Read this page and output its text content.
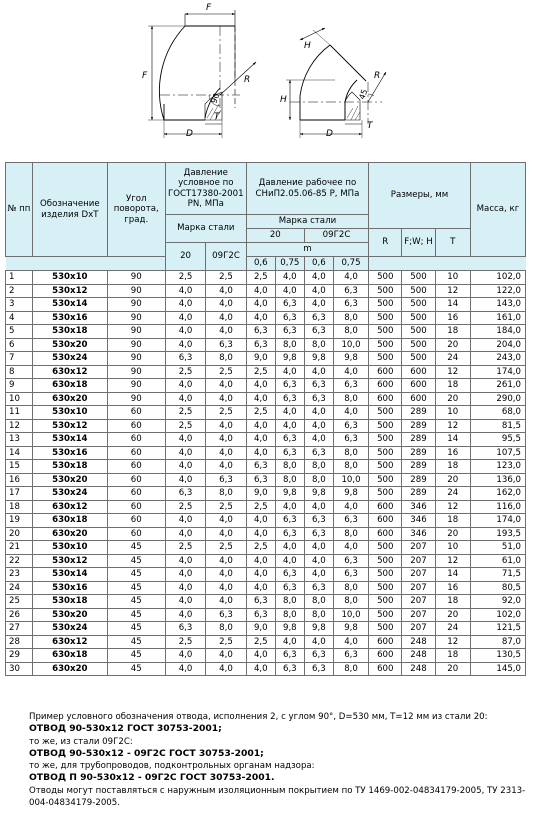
F
F	R
D
T
90
H
H
R
D
T
45
№ пп	Обозначение изделия DxT	Угол поворота, град.	Давление условное по ГОСТ17380-2001 PN, МПа		Давление рабочее по СНиП2.05.06-85 P, МПа				Размеры, мм			Масса, кг
			Марка стали		Марка стали							
					20		09Г2С		R	F;W; H	T	
			20	09Г2С	m							
					0,6	0,75	0,6	0,75				
1	530x10	90	2,5	2,5	2,5	4,0	4,0	4,0	500	500	10	102,0
2	530x12	90	4,0	4,0	4,0	4,0	4,0	6,3	500	500	12	122,0
3	530x14	90	4,0	4,0	4,0	6,3	4,0	6,3	500	500	14	143,0
4	530x16	90	4,0	4,0	4,0	6,3	6,3	8,0	500	500	16	161,0
5	530x18	90	4,0	4,0	6,3	6,3	6,3	8,0	500	500	18	184,0
6	530x20	90	4,0	6,3	6,3	8,0	8,0	10,0	500	500	20	204,0
7	530x24	90	6,3	8,0	9,0	9,8	9,8	9,8	500	500	24	243,0
8	630x12	90	2,5	2,5	2,5	4,0	4,0	4,0	600	600	12	174,0
9	630x18	90	4,0	4,0	4,0	6,3	6,3	6,3	600	600	18	261,0
10	630x20	90	4,0	4,0	4,0	6,3	6,3	8,0	600	600	20	290,0
11	530x10	60	2,5	2,5	2,5	4,0	4,0	4,0	500	289	10	68,0
12	530x12	60	2,5	4,0	4,0	4,0	4,0	6,3	500	289	12	81,5
13	530x14	60	4,0	4,0	4,0	6,3	4,0	6,3	500	289	14	95,5
14	530x16	60	4,0	4,0	4,0	6,3	6,3	8,0	500	289	16	107,5
15	530x18	60	4,0	4,0	6,3	8,0	8,0	8,0	500	289	18	123,0
16	530x20	60	4,0	6,3	6,3	8,0	8,0	10,0	500	289	20	136,0
17	530x24	60	6,3	8,0	9,0	9,8	9,8	9,8	500	289	24	162,0
18	630x12	60	2,5	2,5	2,5	4,0	4,0	4,0	600	346	12	116,0
19	630x18	60	4,0	4,0	4,0	6,3	6,3	6,3	600	346	18	174,0
20	630x20	60	4,0	4,0	4,0	6,3	6,3	8,0	600	346	20	193,5
21	530x10	45	2,5	2,5	2,5	4,0	4,0	4,0	500	207	10	51,0
22	530x12	45	4,0	4,0	4,0	4,0	4,0	6,3	500	207	12	61,0
23	530x14	45	4,0	4,0	4,0	6,3	4,0	6,3	500	207	14	71,5
24	530x16	45	4,0	4,0	4,0	6,3	6,3	8,0	500	207	16	80,5
25	530x18	45	4,0	4,0	6,3	8,0	8,0	8,0	500	207	18	92,0
26	530x20	45	4,0	6,3	6,3	8,0	8,0	10,0	500	207	20	102,0
27	530x24	45	6,3	8,0	9,0	9,8	9,8	9,8	500	207	24	121,5
28	630x12	45	2,5	2,5	2,5	4,0	4,0	4,0	600	248	12	87,0
29	630x18	45	4,0	4,0	4,0	6,3	6,3	6,3	600	248	18	130,5
30	630x20	45	4,0	4,0	4,0	6,3	6,3	8,0	600	248	20	145,0

Пример условного обозначения отвода, исполнения 2, с углом 90°, D=530 мм, Т=12 мм из стали 20:

ОТВОД 90-530х12 ГОСТ 30753-2001;

то же, из стали 09Г2С:

ОТВОД 90-530х12 - 09Г2С ГОСТ 30753-2001;

то же, для трубопроводов, подконтрольных органам надзора:

ОТВОД П 90-530х12 - 09Г2С ГОСТ 30753-2001.

Отводы могут поставляться с наружным изоляционным покрытием по ТУ 1469-002-04834179-2005, ТУ 2313-004-04834179-2005.
